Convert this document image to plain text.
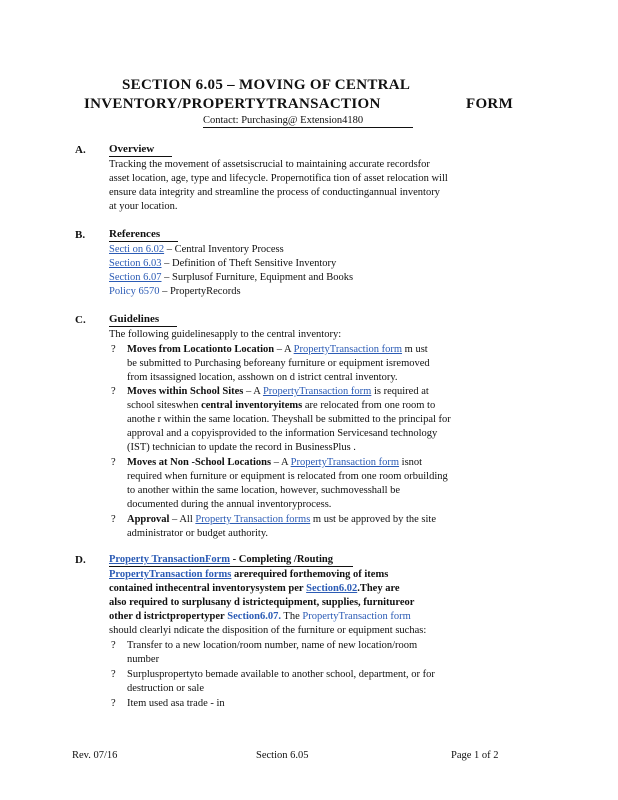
SECTION 6.05 – MOVING OF CENTRAL
INVENTORY/PROPERTYTRANSACTION	FORM
Contact: Purchasing@ Extension4180
A. Overview
Tracking the movement of assetsiscrucial to maintaining accurate recordsfor
asset location, age, type and lifecycle. Propernotifica tion of asset relocation will
ensure data integrity and streamline the process of conductingannual inventory
at your location.
B. References
Secti on 6.02 – Central Inventory Process
Section 6.03 – Definition of Theft Sensitive Inventory
Section 6.07 – Surplusof Furniture, Equipment and Books
Policy 6570 – PropertyRecords
C. Guidelines
The following guidelinesapply to the central inventory:
? Moves from Locationto Location – A PropertyTransaction form m ust
be submitted to Purchasing beforeany furniture or equipment isremoved
from itsassigned location, asshown on d istrict central inventory.
? Moves within School Sites – A PropertyTransaction form is required at
school siteswhen central inventoryitems are relocated from one room to
anothe r within the same location. Theyshall be submitted to the principal for
approval and a copyisprovided to the information Servicesand technology
(IST) technician to update the record in BusinessPlus .
? Moves at Non -School Locations – A PropertyTransaction form isnot
required when furniture or equipment is relocated from one room orbuilding
to another within the same location, however, suchmovesshall be
documented during the annual inventoryprocess.
? Approval – All Property Transaction forms m ust be approved by the site
administrator or budget authority.
D. Property TransactionForm - Completing /Routing
PropertyTransaction forms arerequired forthemoving of items
contained inthecentral inventorysystem per Section6.02.They are
also required to surplusany d istrictequipment, supplies, furnitureor
other d istrictpropertyper Section6.07. The PropertyTransaction form
should clearlyi ndicate the disposition of the furniture or equipment suchas:
? Transfer to a new location/room number, name of new location/room
number
? Surpluspropertyto bemade available to another school, department, or for
destruction or sale
? Item used asa trade - in
Rev. 07/16	Section 6.05	Page 1 of 2
